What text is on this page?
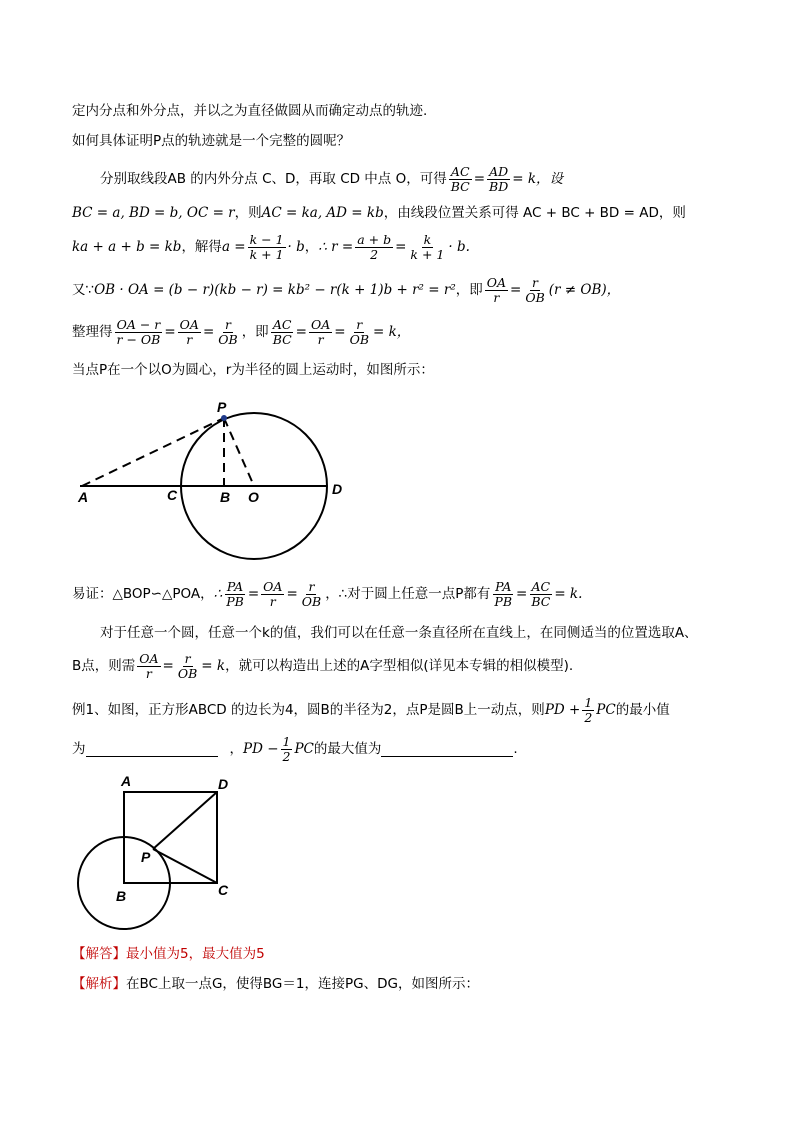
定内分点和外分点，并以之为直径做圆从而确定动点的轨迹.
如何具体证明P点的轨迹就是一个完整的圆呢？
分别取线段AB 的内外分点 C、D，再取 CD 中点 O，可得 $\frac{AC}{BC} = \frac{AD}{BD} = k$，设
BC = a, BD = b, OC = r，则AC = ka, AD = kb，由线段位置关系可得 AC + BC + BD = AD，则
ka + a + b = kb ，解得 $a = \frac{k - 1}{k + 1} \cdot b$ ， ∴ $r = \frac{a + b}{2} = \frac{k}{k + 1} \cdot b$.
又∵ OB · OA = (b − r)(kb − r) = kb² − r(k + 1)b + r² = r² ，即 $\frac{OA}{r} = \frac{r}{OB} (r \ne OB)$，
整理得 $\frac{OA - r}{r - OB} = \frac{OA}{r} = \frac{r}{OB}$ ，即 $\frac{AC}{BC} = \frac{OA}{r} = \frac{r}{OB} = k$，
当点P在一个以O为圆心，r为半径的圆上运动时，如图所示：
P
A	C	B O	D
易证：△BOP∽△POA， ∴ $\frac{PA}{PB} = \frac{OA}{r} = \frac{r}{OB}$ ，∴对于圆上任意一点P都有 $\frac{PA}{PB} = \frac{AC}{BC} = k$.
对于任意一个圆，任意一个k的值，我们可以在任意一条直径所在直线上，在同侧适当的位置选取A、
B点，则需 $\frac{OA}{r} = \frac{r}{OB} = k$ ，就可以构造出上述的A字型相似(详见本专辑的相似模型).
例1、如图，正方形ABCD 的边长为4，圆B的半径为2，点P是圆B上一动点，则 PD + $\frac{1}{2}$ PC 的最小值
为	， PD − $\frac{1}{2}$ PC 的最大值为	.
A	D
P
B	C
【解答】最小值为5，最大值为5
【解析】在BC上取一点G，使得BG＝1，连接PG、DG，如图所示：
